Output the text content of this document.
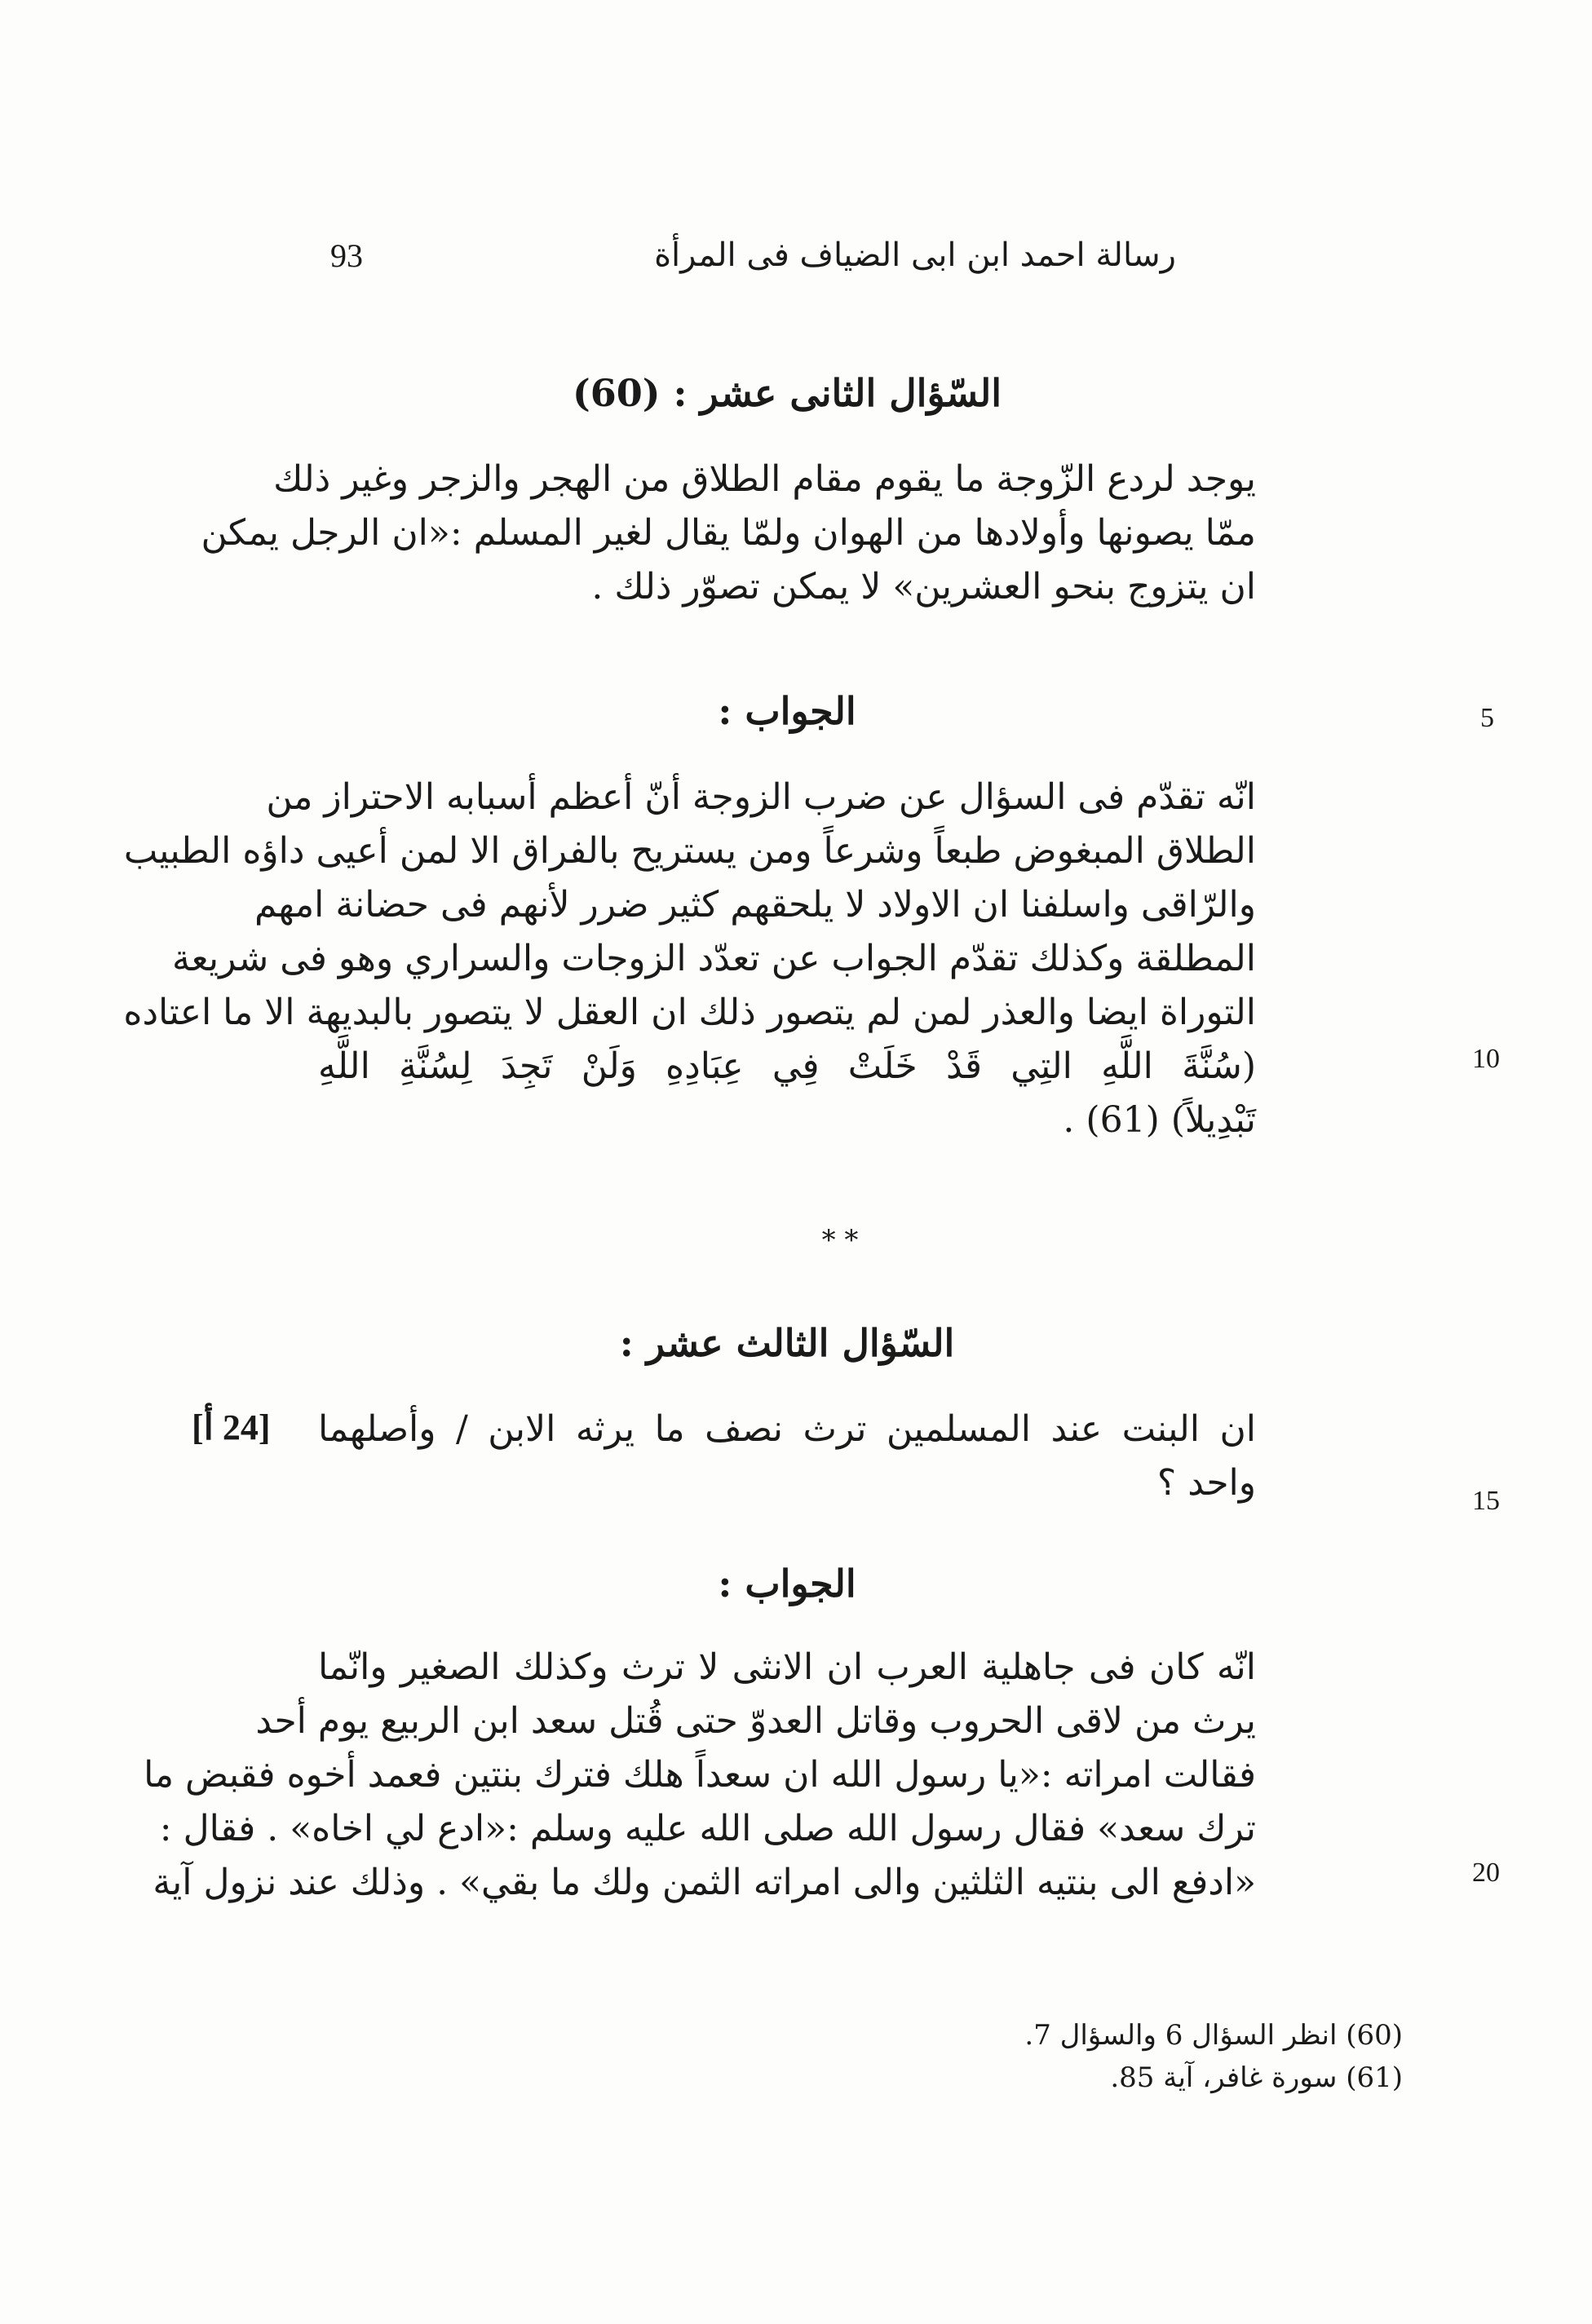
رسالة احمد ابن ابى الضياف فى المرأة
93
السّؤال الثانى عشر : (60)
يوجد لردع الزّوجة ما يقوم مقام الطلاق من الهجر والزجر وغير ذلك
ممّا يصونها وأولادها من الهوان ولمّا يقال لغير المسلم :«ان الرجل يمكن
ان يتزوج بنحو العشرين» لا يمكن تصوّر ذلك .
الجواب :	5
انّه تقدّم فى السؤال عن ضرب الزوجة أنّ أعظم أسبابه الاحتراز من
الطلاق المبغوض طبعاً وشرعاً ومن يستريح بالفراق الا لمن أعيى داؤه الطبيب
والرّاقى واسلفنا ان الاولاد لا يلحقهم كثير ضرر لأنهم فى حضانة امهم
المطلقة وكذلك تقدّم الجواب عن تعدّد الزوجات والسراري وهو فى شريعة
التوراة ايضا والعذر لمن لم يتصور ذلك ان العقل لا يتصور بالبديهة الا ما اعتاده
(سُنَّةَ اللَّهِ التِي قَدْ خَلَتْ فِي عِبَادِهِ وَلَنْ تَجِدَ لِسُنَّةِ اللَّهِ
تَبْدِيلاً) (61) .
10
* *
السّؤال الثالث عشر :
[24 أ] ان البنت عند المسلمين ترث نصف ما يرثه الابن / وأصلهما
واحد ؟	15
الجواب :
انّه كان فى جاهلية العرب ان الانثى لا ترث وكذلك الصغير وانّما
يرث من لاقى الحروب وقاتل العدوّ حتى قُتل سعد ابن الربيع يوم أحد
فقالت امراته :«يا رسول الله ان سعداً هلك فترك بنتين فعمد أخوه فقبض ما
ترك سعد» فقال رسول الله صلى الله عليه وسلم :«ادع لي اخاه» . فقال :
«ادفع الى بنتيه الثلثين والى امراته الثمن ولك ما بقي» . وذلك عند نزول آية	20
(60) انظر السؤال 6 والسؤال 7.
(61) سورة غافر، آية 85.
